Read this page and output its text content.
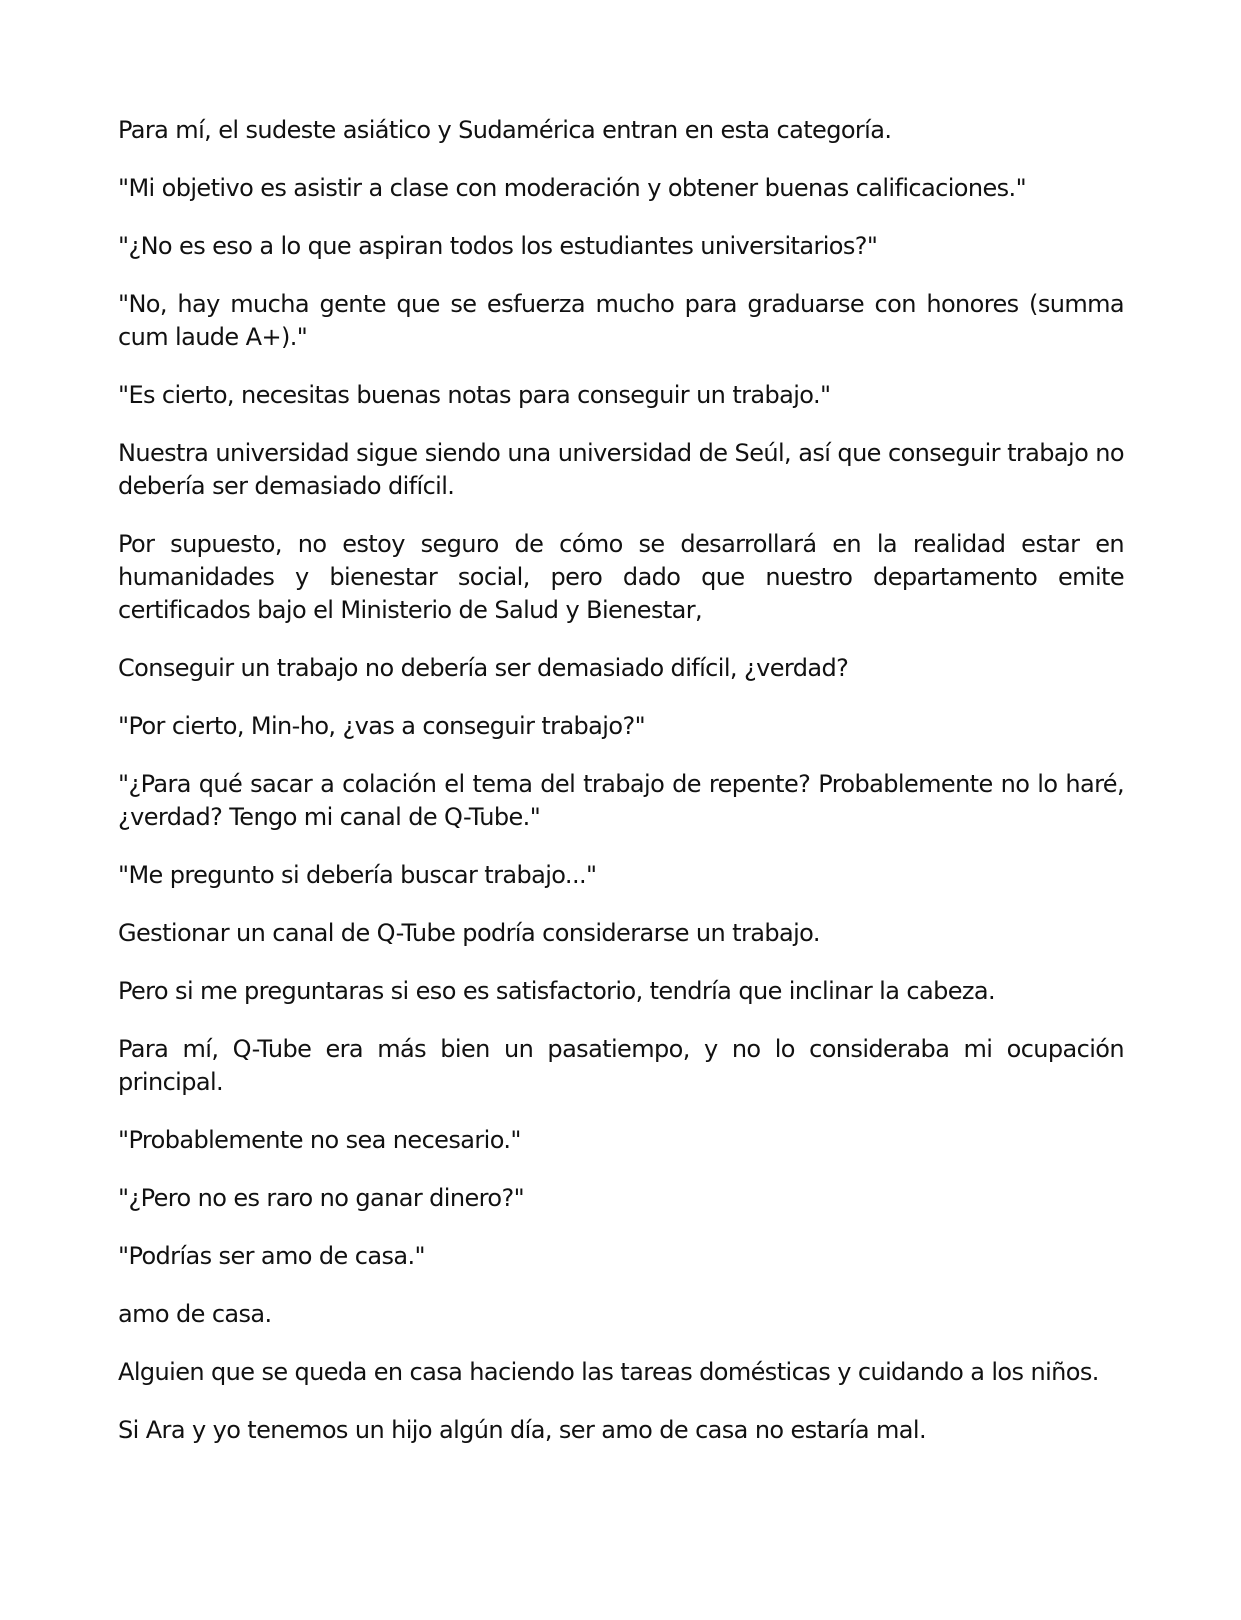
Para mí, el sudeste asiático y Sudamérica entran en esta categoría.

"Mi objetivo es asistir a clase con moderación y obtener buenas calificaciones."

"¿No es eso a lo que aspiran todos los estudiantes universitarios?"

"No, hay mucha gente que se esfuerza mucho para graduarse con honores (summa cum laude A+)."

"Es cierto, necesitas buenas notas para conseguir un trabajo."

Nuestra universidad sigue siendo una universidad de Seúl, así que conseguir trabajo no debería ser demasiado difícil.

Por supuesto, no estoy seguro de cómo se desarrollará en la realidad estar en humanidades y bienestar social, pero dado que nuestro departamento emite certificados bajo el Ministerio de Salud y Bienestar,

Conseguir un trabajo no debería ser demasiado difícil, ¿verdad?

"Por cierto, Min-ho, ¿vas a conseguir trabajo?"

"¿Para qué sacar a colación el tema del trabajo de repente? Probablemente no lo haré, ¿verdad? Tengo mi canal de Q-Tube."

"Me pregunto si debería buscar trabajo..."

Gestionar un canal de Q-Tube podría considerarse un trabajo.

Pero si me preguntaras si eso es satisfactorio, tendría que inclinar la cabeza.

Para mí, Q-Tube era más bien un pasatiempo, y no lo consideraba mi ocupación principal.

"Probablemente no sea necesario."

"¿Pero no es raro no ganar dinero?"

"Podrías ser amo de casa."

amo de casa.

Alguien que se queda en casa haciendo las tareas domésticas y cuidando a los niños.

Si Ara y yo tenemos un hijo algún día, ser amo de casa no estaría mal.
